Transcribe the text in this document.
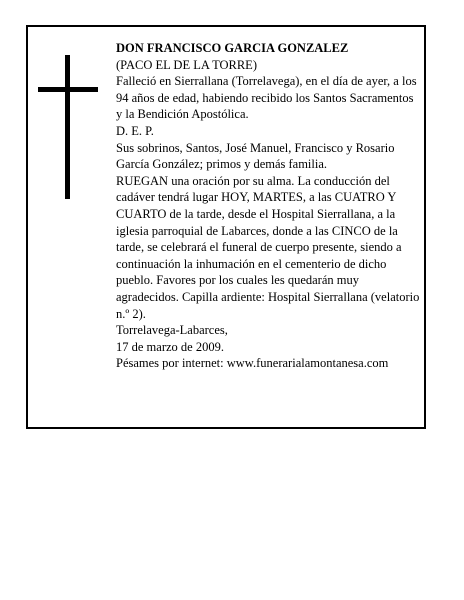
DON FRANCISCO GARCIA GONZALEZ

(PACO EL DE LA TORRE)

Falleció en Sierrallana (Torrelavega), en el día de ayer, a los 94 años de edad, habiendo recibido los Santos Sacramentos y la Bendición Apostólica.

D. E. P.

Sus sobrinos, Santos, José Manuel, Francisco y Rosario García González; primos y demás familia.

RUEGAN una oración por su alma. La conducción del cadáver tendrá lugar HOY, MARTES, a las CUATRO Y CUARTO de la tarde, desde el Hospital Sierrallana, a la iglesia parroquial de Labarces, donde a las CINCO de la tarde, se celebrará el funeral de cuerpo presente, siendo a continuación la inhumación en el cementerio de dicho pueblo. Favores por los cuales les quedarán muy agradecidos. Capilla ardiente: Hospital Sierrallana (velatorio n.º 2).

Torrelavega-Labarces,

17 de marzo de 2009.

Pésames por internet: www.funerarialamontanesa.com
